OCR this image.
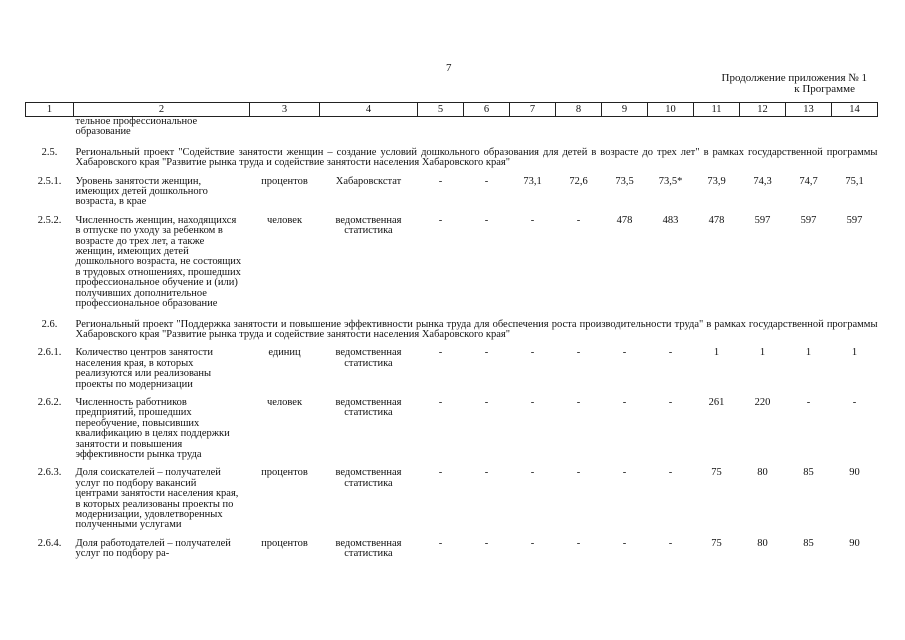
7
Продолжение приложения № 1

к Программе
1	2	3	4	5	6	7	8	9	10	11	12	13	14
	тельное профессиональное образование												
2.5.	Региональный проект "Содействие занятости женщин – создание условий дошкольного образования для детей в возрасте до трех лет" в рамках государственной программы Хабаровского края "Развитие рынка труда и содействие занятости населения Хабаровского края"												
2.5.1.	Уровень занятости женщин, имеющих детей дошкольного возраста, в крае	процентов	Хабаровскстат	-	-	73,1	72,6	73,5	73,5*	73,9	74,3	74,7	75,1
2.5.2.	Численность женщин, находящихся в отпуске по уходу за ребенком в возрасте до трех лет, а также женщин, имеющих детей дошкольного возраста, не состоящих в трудовых отношениях, прошедших профессиональное обучение и (или) получивших дополнительное профессиональное образование	человек	ведомственная статистика	-	-	-	-	478	483	478	597	597	597
2.6.	Региональный проект "Поддержка занятости и повышение эффективности рынка труда для обеспечения роста производительности труда" в рамках государственной программы Хабаровского края "Развитие рынка труда и содействие занятости населения Хабаровского края"												
2.6.1.	Количество центров занятости населения края, в которых реализуются или реализованы проекты по модернизации	единиц	ведомственная статистика	-	-	-	-	-	-	1	1	1	1
2.6.2.	Численность работников предприятий, прошедших переобучение, повысивших квалификацию в целях поддержки занятости и повышения эффективности рынка труда	человек	ведомственная статистика	-	-	-	-	-	-	261	220	-	-
2.6.3.	Доля соискателей – получателей услуг по подбору вакансий центрами занятости населения края, в которых реализованы проекты по модернизации, удовлетворенных полученными услугами	процентов	ведомственная статистика	-	-	-	-	-	-	75	80	85	90
2.6.4.	Доля работодателей – получателей услуг по подбору ра-	процентов	ведомственная статистика	-	-	-	-	-	-	75	80	85	90
